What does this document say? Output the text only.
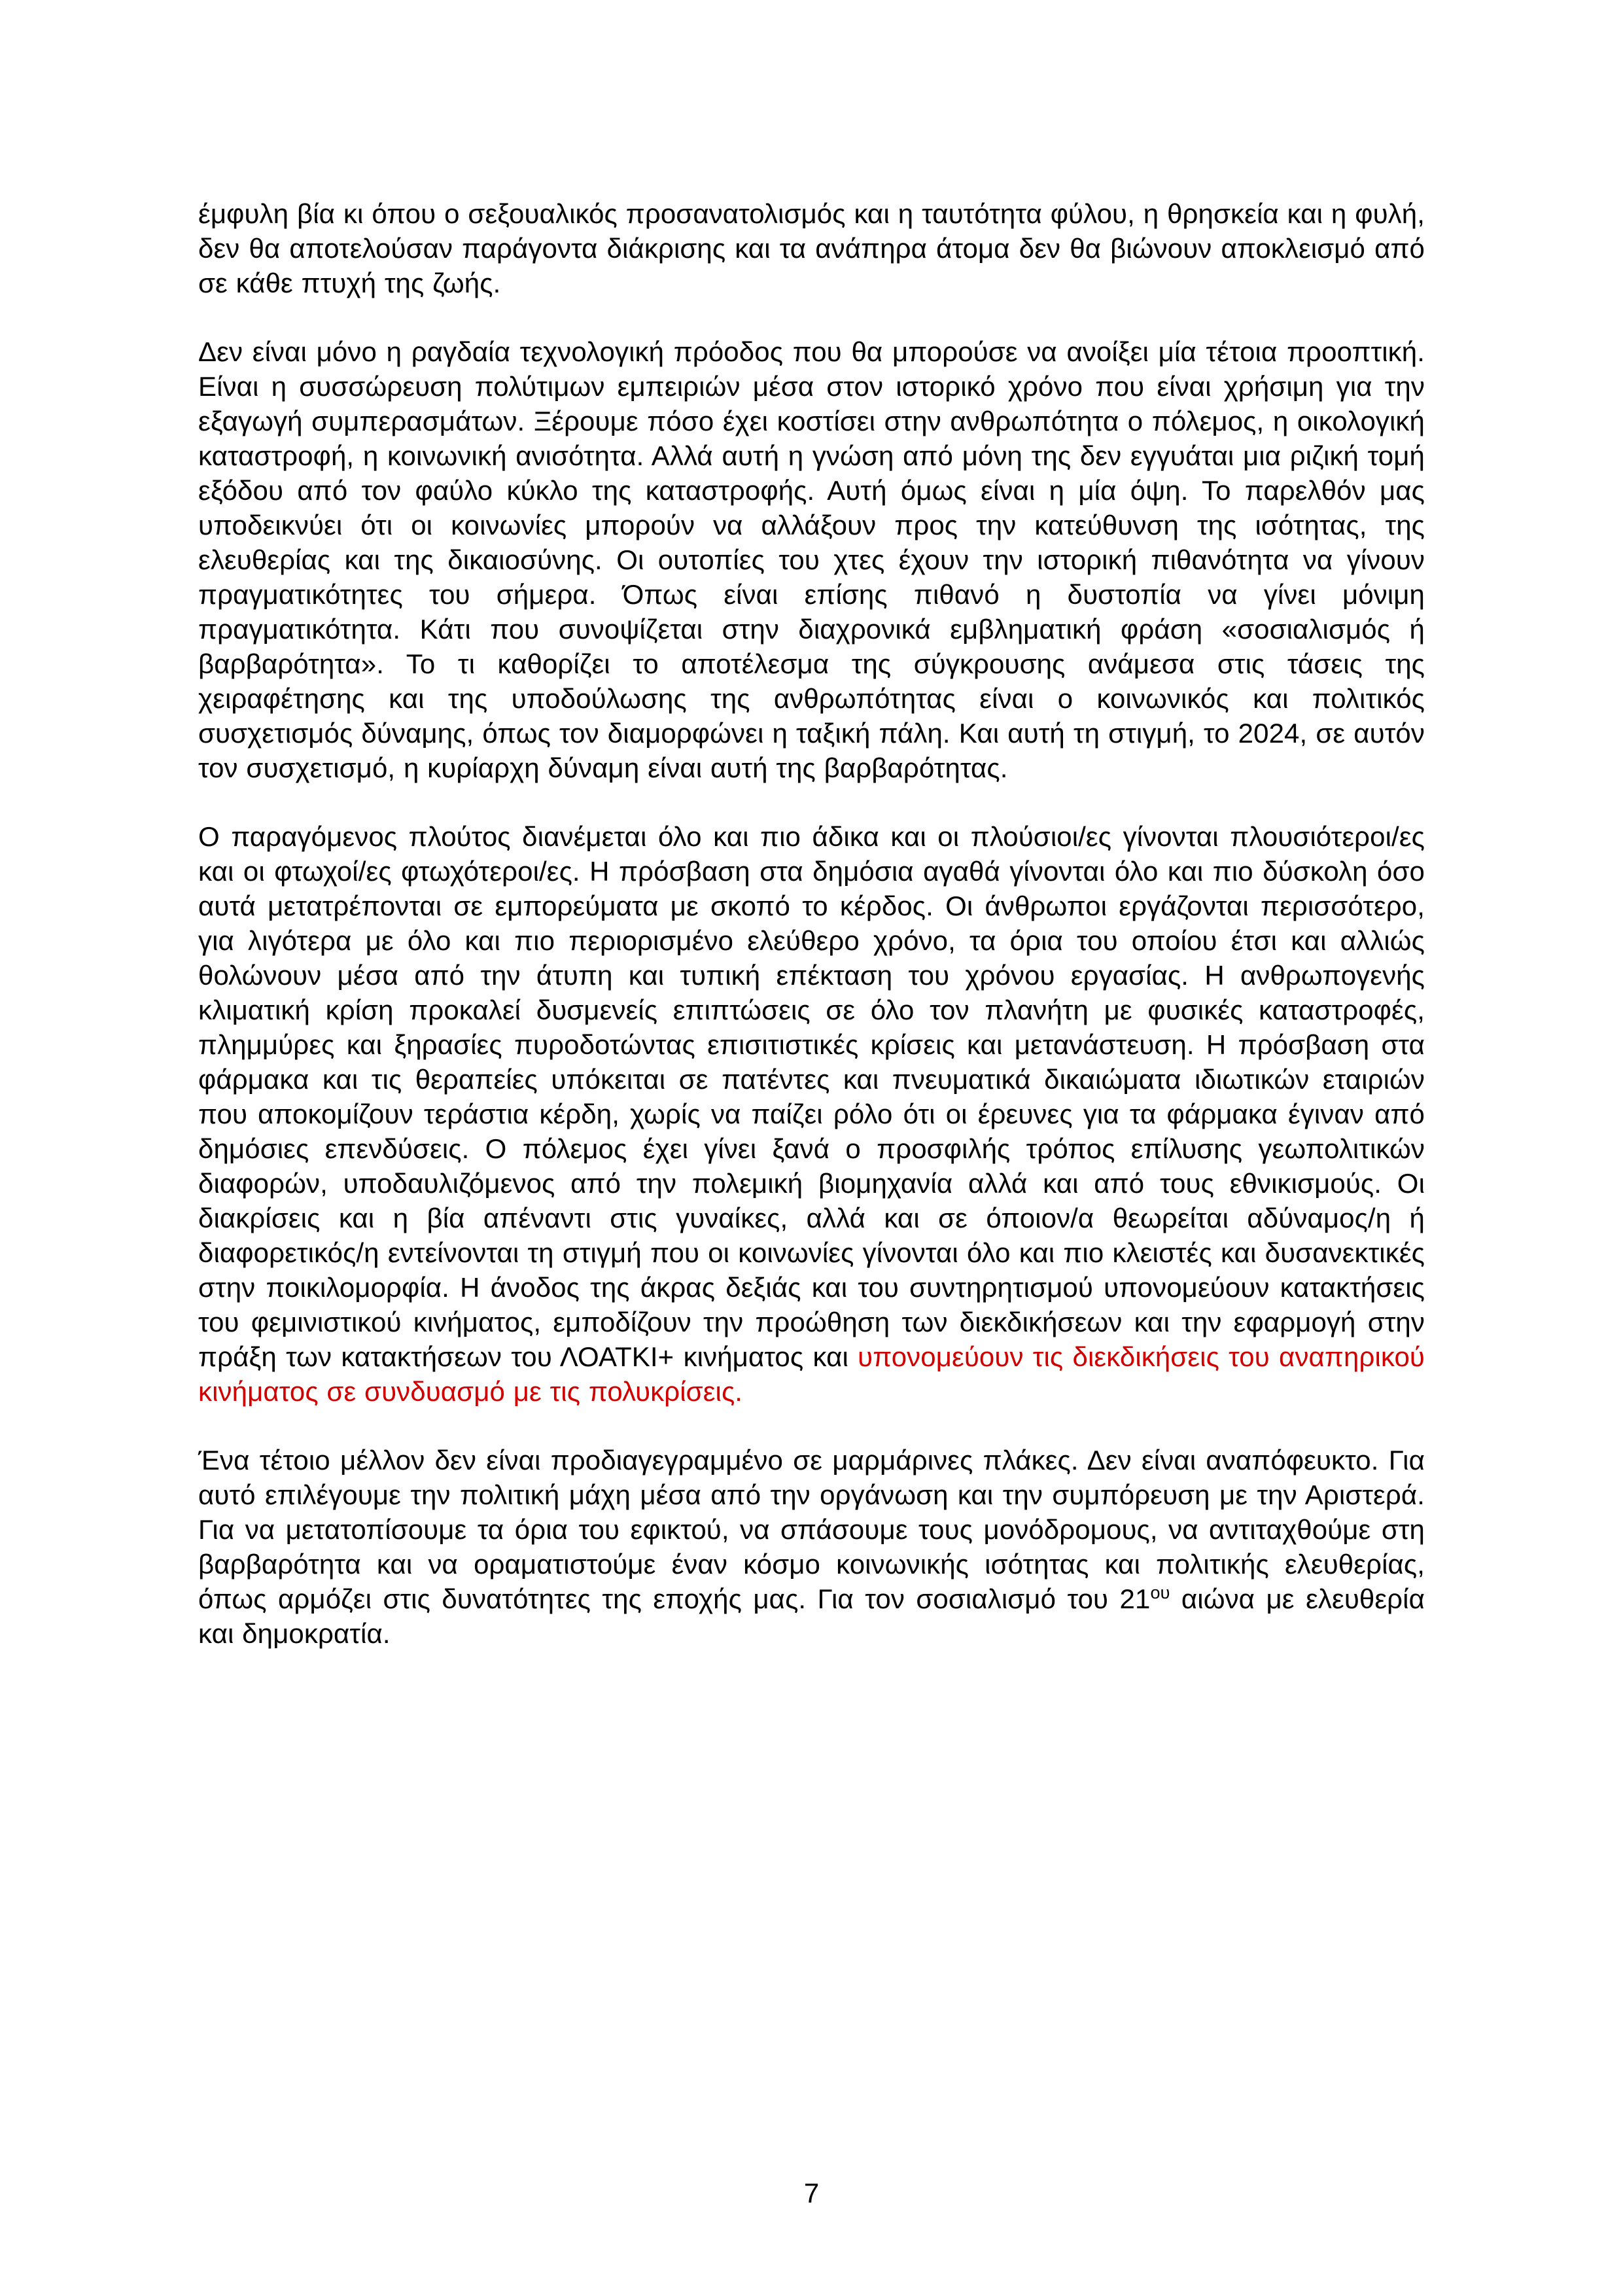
έμφυλη βία κι όπου ο σεξουαλικός προσανατολισμός και η ταυτότητα φύλου, η θρησκεία και η φυλή, δεν θα αποτελούσαν παράγοντα διάκρισης και τα ανάπηρα άτομα δεν θα βιώνουν αποκλεισμό από σε κάθε πτυχή της ζωής.

Δεν είναι μόνο η ραγδαία τεχνολογική πρόοδος που θα μπορούσε να ανοίξει μία τέτοια προοπτική. Είναι η συσσώρευση πολύτιμων εμπειριών μέσα στον ιστορικό χρόνο που είναι χρήσιμη για την εξαγωγή συμπερασμάτων. Ξέρουμε πόσο έχει κοστίσει στην ανθρωπότητα ο πόλεμος, η οικολογική καταστροφή, η κοινωνική ανισότητα. Αλλά αυτή η γνώση από μόνη της δεν εγγυάται μια ριζική τομή εξόδου από τον φαύλο κύκλο της καταστροφής. Αυτή όμως είναι η μία όψη. Το παρελθόν μας υποδεικνύει ότι οι κοινωνίες μπορούν να αλλάξουν προς την κατεύθυνση της ισότητας, της ελευθερίας και της δικαιοσύνης. Οι ουτοπίες του χτες έχουν την ιστορική πιθανότητα να γίνουν πραγματικότητες του σήμερα. Όπως είναι επίσης πιθανό η δυστοπία να γίνει μόνιμη πραγματικότητα. Κάτι που συνοψίζεται στην διαχρονικά εμβληματική φράση «σοσιαλισμός ή βαρβαρότητα». Το τι καθορίζει το αποτέλεσμα της σύγκρουσης ανάμεσα στις τάσεις της χειραφέτησης και της υποδούλωσης της ανθρωπότητας είναι ο κοινωνικός και πολιτικός συσχετισμός δύναμης, όπως τον διαμορφώνει η ταξική πάλη. Και αυτή τη στιγμή, το 2024, σε αυτόν τον συσχετισμό, η κυρίαρχη δύναμη είναι αυτή της βαρβαρότητας.

Ο παραγόμενος πλούτος διανέμεται όλο και πιο άδικα και οι πλούσιοι/ες γίνονται πλουσιότεροι/ες και οι φτωχοί/ες φτωχότεροι/ες. Η πρόσβαση στα δημόσια αγαθά γίνονται όλο και πιο δύσκολη όσο αυτά μετατρέπονται σε εμπορεύματα με σκοπό το κέρδος. Οι άνθρωποι εργάζονται περισσότερο, για λιγότερα με όλο και πιο περιορισμένο ελεύθερο χρόνο, τα όρια του οποίου έτσι και αλλιώς θολώνουν μέσα από την άτυπη και τυπική επέκταση του χρόνου εργασίας. Η ανθρωπογενής κλιματική κρίση προκαλεί δυσμενείς επιπτώσεις σε όλο τον πλανήτη με φυσικές καταστροφές, πλημμύρες και ξηρασίες πυροδοτώντας επισιτιστικές κρίσεις και μετανάστευση. Η πρόσβαση στα φάρμακα και τις θεραπείες υπόκειται σε πατέντες και πνευματικά δικαιώματα ιδιωτικών εταιριών που αποκομίζουν τεράστια κέρδη, χωρίς να παίζει ρόλο ότι οι έρευνες για τα φάρμακα έγιναν από δημόσιες επενδύσεις. Ο πόλεμος έχει γίνει ξανά ο προσφιλής τρόπος επίλυσης γεωπολιτικών διαφορών, υποδαυλιζόμενος από την πολεμική βιομηχανία αλλά και από τους εθνικισμούς. Οι διακρίσεις και η βία απέναντι στις γυναίκες, αλλά και σε όποιον/α θεωρείται αδύναμος/η ή διαφορετικός/η εντείνονται τη στιγμή που οι κοινωνίες γίνονται όλο και πιο κλειστές και δυσανεκτικές στην ποικιλομορφία. Η άνοδος της άκρας δεξιάς και του συντηρητισμού υπονομεύουν κατακτήσεις του φεμινιστικού κινήματος, εμποδίζουν την προώθηση των διεκδικήσεων και την εφαρμογή στην πράξη των κατακτήσεων του ΛΟΑΤΚΙ+ κινήματος και υπονομεύουν τις διεκδικήσεις του αναπηρικού κινήματος σε συνδυασμό με τις πολυκρίσεις.

Ένα τέτοιο μέλλον δεν είναι προδιαγεγραμμένο σε μαρμάρινες πλάκες. Δεν είναι αναπόφευκτο. Για αυτό επιλέγουμε την πολιτική μάχη μέσα από την οργάνωση και την συμπόρευση με την Αριστερά. Για να μετατοπίσουμε τα όρια του εφικτού, να σπάσουμε τους μονόδρομους, να αντιταχθούμε στη βαρβαρότητα και να οραματιστούμε έναν κόσμο κοινωνικής ισότητας και πολιτικής ελευθερίας, όπως αρμόζει στις δυνατότητες της εποχής μας. Για τον σοσιαλισμό του $21^{o\upsilon}$ αιώνα με ελευθερία και δημοκρατία.

7
